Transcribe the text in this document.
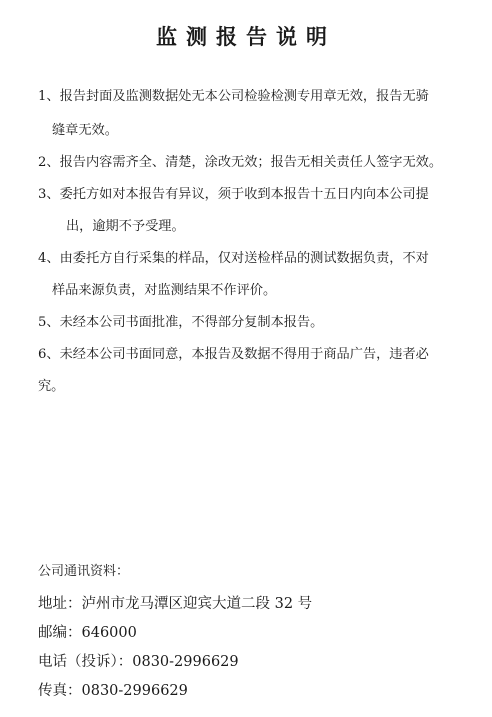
监测报告说明
1、报告封面及监测数据处无本公司检验检测专用章无效，报告无骑
缝章无效。
2、报告内容需齐全、清楚，涂改无效；报告无相关责任人签字无效。
3、委托方如对本报告有异议，须于收到本报告十五日内向本公司提
出，逾期不予受理。
4、由委托方自行采集的样品，仅对送检样品的测试数据负责，不对
样品来源负责，对监测结果不作评价。
5、未经本公司书面批准，不得部分复制本报告。
6、未经本公司书面同意，本报告及数据不得用于商品广告，违者必
究。
公司通讯资料：
地址：泸州市龙马潭区迎宾大道二段 32 号
邮编：646000
电话（投诉）：0830-2996629
传真：0830-2996629
